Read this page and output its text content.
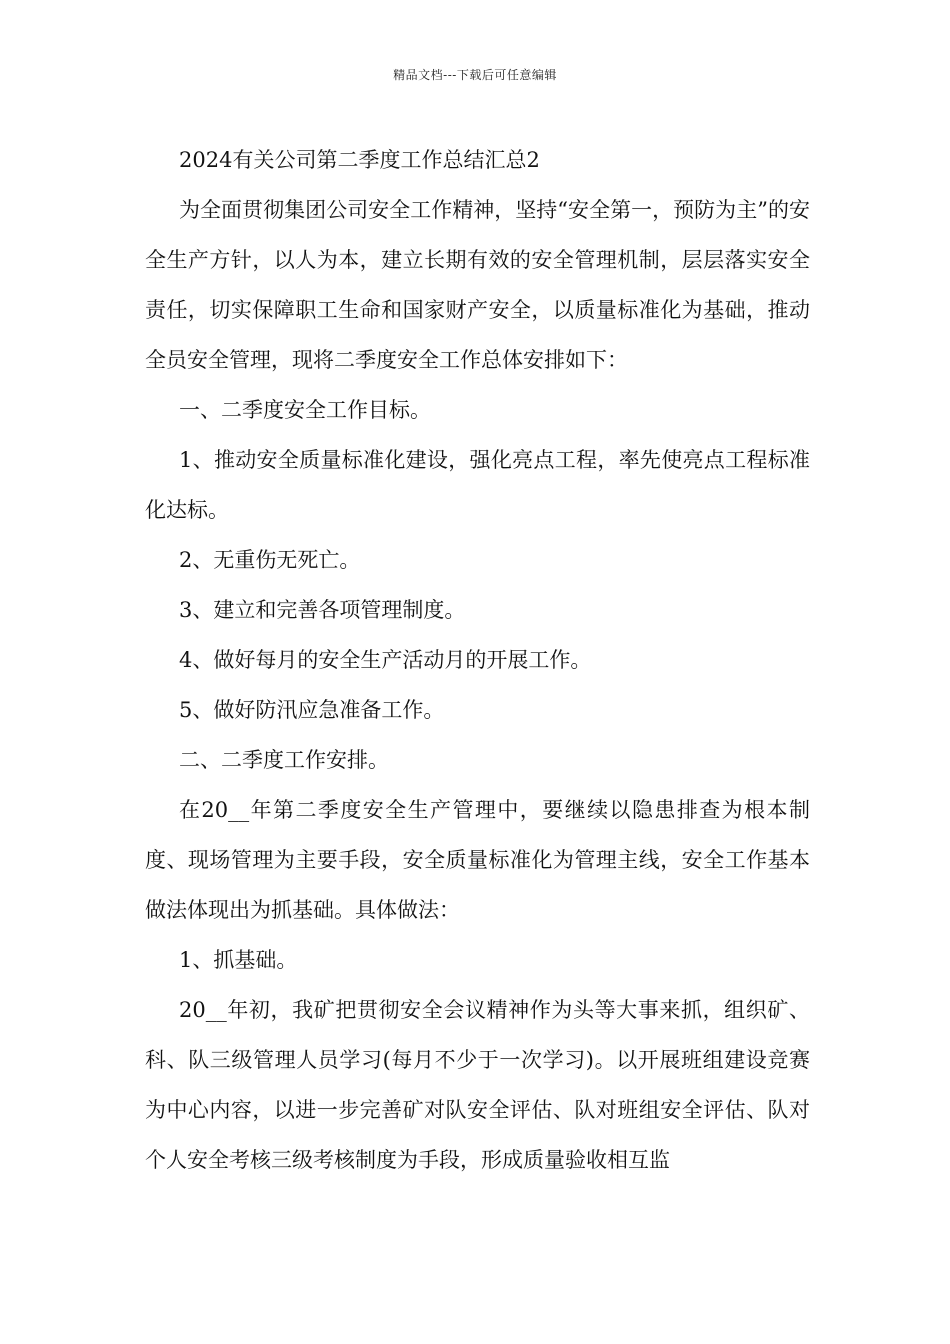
精品文档---下载后可任意编辑

2024有关公司第二季度工作总结汇总2

为全面贯彻集团公司安全工作精神，坚持“安全第一，预防为主”的安全生产方针，以人为本，建立长期有效的安全管理机制，层层落实安全责任，切实保障职工生命和国家财产安全，以质量标准化为基础，推动全员安全管理，现将二季度安全工作总体安排如下：

一、二季度安全工作目标。

1、推动安全质量标准化建设，强化亮点工程，率先使亮点工程标准化达标。

2、无重伤无死亡。

3、建立和完善各项管理制度。

4、做好每月的安全生产活动月的开展工作。

5、做好防汛应急准备工作。

二、二季度工作安排。

在20__年第二季度安全生产管理中，要继续以隐患排查为根本制度、现场管理为主要手段，安全质量标准化为管理主线，安全工作基本做法体现出为抓基础。具体做法：

1、抓基础。

20__年初，我矿把贯彻安全会议精神作为头等大事来抓，组织矿、科、队三级管理人员学习(每月不少于一次学习)。以开展班组建设竞赛为中心内容，以进一步完善矿对队安全评估、队对班组安全评估、队对个人安全考核三级考核制度为手段，形成质量验收相互监
